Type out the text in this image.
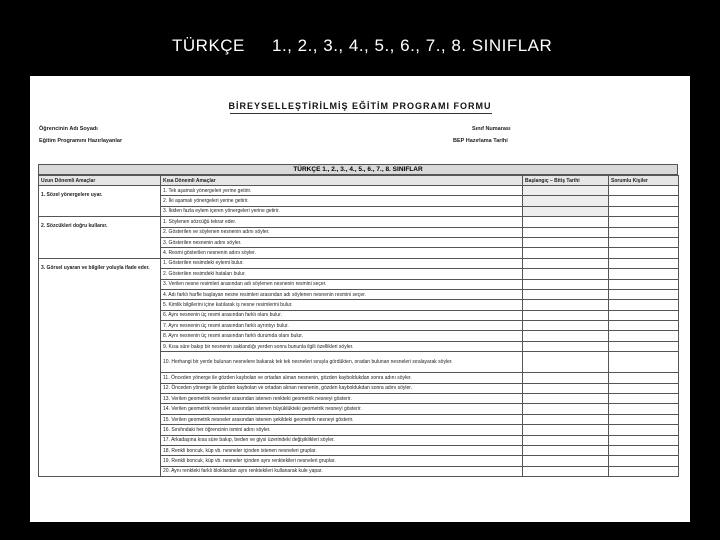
TÜRKÇE 1., 2., 3., 4., 5., 6., 7., 8. SINIFLAR
BİREYSELLEŞTİRİLMİŞ EĞİTİM PROGRAMI FORMU
Öğrencinin Adı Soyadı
Eğitim Programını Hazırlayanlar
Sınıf Numarası
BEP Hazırlama Tarihi
TÜRKÇE 1., 2., 3., 4., 5., 6., 7., 8. SINIFLAR
Uzun Dönemli Amaçlar	Kısa Dönemli Amaçlar	Başlangıç – Bitiş Tarihi	Sorumlu Kişiler
1. Sözel yönergelere uyar.	1. Tek aşamalı yönergeleri yerine getirir.		
	2. İki aşamalı yönergeleri yerine getirir.		
	3. İkiden fazla eylem içeren yönergeleri yerine getirir.		
2. Sözcükleri doğru kullanır.	1. Söylenen sözcüğü tekrar eder.		
	2. Gösterilen ve söylenen nesnenin adını söyler.		
	3. Gösterilen nesnenin adını söyler.		
	4. Resmi gösterilen nesnenin adını söyler.		
3. Görsel uyaran ve bilgiler yoluyla ifade eder.	1. Gösterilen resimdeki eylemi bulur.		
	2. Gösterilen resimdeki hataları bulur.		
	3. Verilen nesne resimleri arasından adı söylenen nesnenin resmini seçer.		
	4. Adı farklı harfle başlayan nesne resimleri arasından adı söylenen nesnenin resmini seçer.		
	5. Kimlik bilgilerini içine katılarak iş nesne resimlerini bulur.		
	6. Aynı nesnenin üç resmi arasından farklı olanı bulur.		
	7. Aynı nesnenin üç resmi arasından farklı ayrıntıyı bulur.		
	8. Aynı nesnenin üç resmi arasından farklı durumda olanı bulur.		
	9. Kısa süre bakıp bir nesnenin saklandığı yerden sonra bununla ilgili özellikleri söyler.		
	10. Herhangi bir yerde bulunan nesnelere bakarak tek tek nesneleri sırayla gördükten, oradan bulunan nesneleri sıralayarak söyler.		
	11. Önceden yönerge ile gözden kaybolan ve ortadan alınan nesnenin, gözden kayboldukdan sonra adını söyler.		
	12. Önceden yönerge ile gözden kaybolan ve ortadan alınan nesnenin, gözden kayboldukdan sonra adını söyler.		
	13. Verilen geometrik nesneler arasından istenen renkteki geometrik nesneyi gösterir.		
	14. Verilen geometrik nesneler arasından istenen büyüklükteki geometrik nesneyi gösterir.		
	15. Verilen geometrik nesneler arasından istenen şekildeki geometrik nesneyi gösterir.		
	16. Sınıfındaki her öğrencinin ismini adını söyler.		
	17. Arkadaşına kısa süre bakıp, beden ve giysi üzerindeki değişiklikleri söyler.		
	18. Renkli boncuk, küp vb. nesneler içinden istenen nesneleri gruplar.		
	19. Renkli boncuk, küp vb. nesneler içinden aynı renktekileri nesneleri gruplar.		
	20. Aynı renkteki farklı bloklardan aynı renktekileri kullanarak kule yapar.		
